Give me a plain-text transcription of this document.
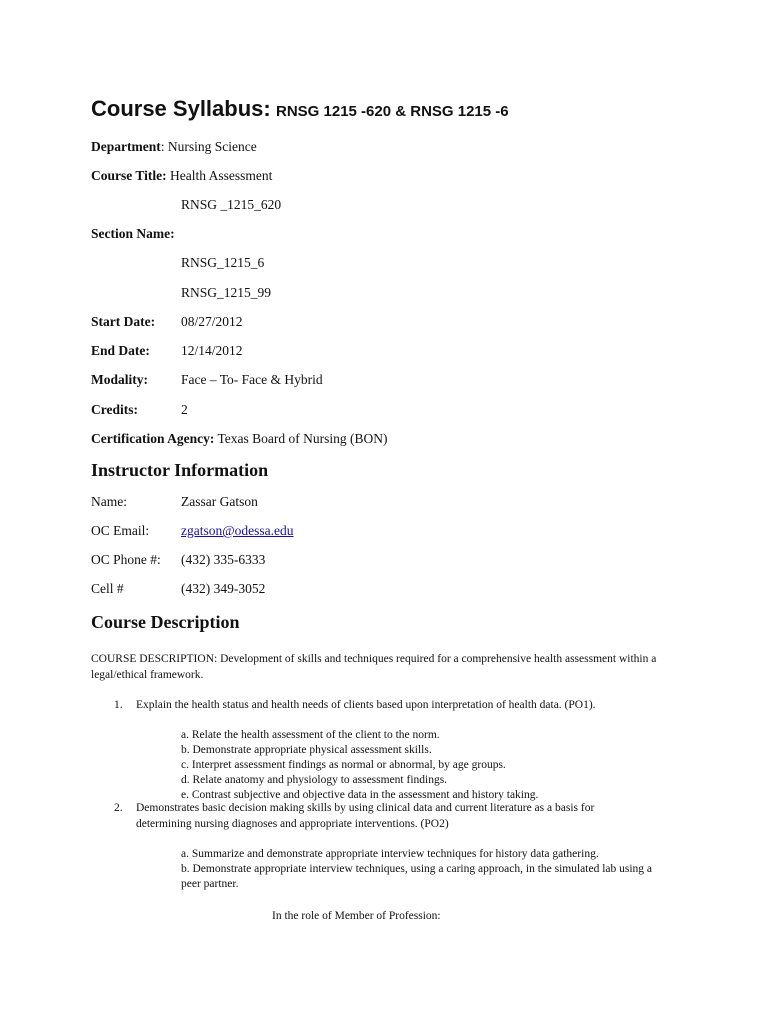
Course Syllabus: RNSG 1215 -620 & RNSG 1215 -6
Department: Nursing Science
Course Title: Health Assessment
RNSG _1215_620
Section Name:
RNSG_1215_6
RNSG_1215_99
Start Date: 08/27/2012
End Date: 12/14/2012
Modality: Face – To- Face & Hybrid
Credits:	2
Certification Agency: Texas Board of Nursing (BON)
Instructor Information
Name:	Zassar Gatson
OC Email: zgatson@odessa.edu
OC Phone #: (432) 335-6333
Cell #	(432) 349-3052
Course Description
COURSE DESCRIPTION: Development of skills and techniques required for a comprehensive health assessment within a legal/ethical framework.
1. Explain the health status and health needs of clients based upon interpretation of health data. (PO1).
a. Relate the health assessment of the client to the norm.
b. Demonstrate appropriate physical assessment skills.
c. Interpret assessment findings as normal or abnormal, by age groups.
d. Relate anatomy and physiology to assessment findings.
e. Contrast subjective and objective data in the assessment and history taking.
2. Demonstrates basic decision making skills by using clinical data and current literature as a basis for
determining nursing diagnoses and appropriate interventions. (PO2)
a. Summarize and demonstrate appropriate interview techniques for history data gathering.
b. Demonstrate appropriate interview techniques, using a caring approach, in the simulated lab using a peer partner.
In the role of Member of Profession:
